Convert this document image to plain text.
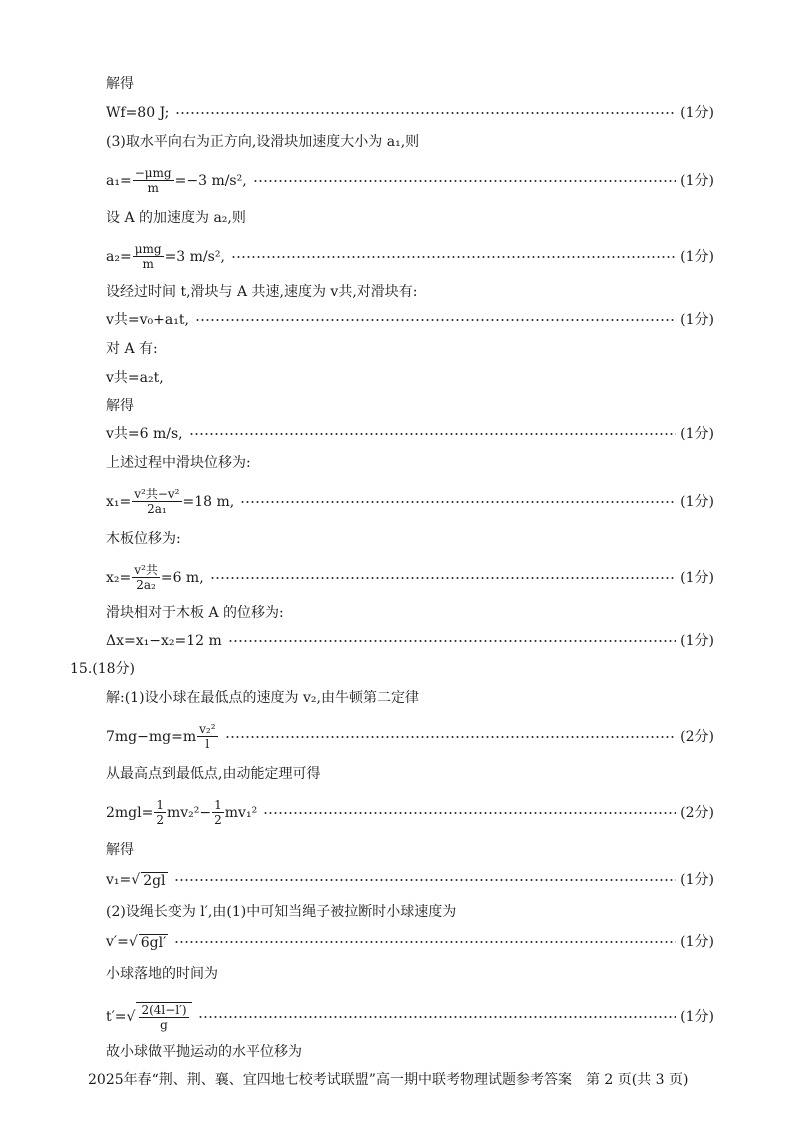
解得
Wf=80 J;	(1分)
(3)取水平向右为正方向,设滑块加速度大小为 a₁,则
$a_1= \frac{\text{−μmg}}{m} =-3$ m/s²,	(1分)
设 A 的加速度为 a₂,则
$a_2= \frac{\text{μmg}}{m} =3$ m/s²,	(1分)
设经过时间 t,滑块与 A 共速,速度为 v共,对滑块有:
v共=v₀+a₁t,	(1分)
对 A 有:
v共=a₂t,
解得
v共=6 m/s,	(1分)
上述过程中滑块位移为:
$x_1= \frac{\text{v²共−v²}}{\text{2a₁}} =18$ m,	(1分)
木板位移为:
$x_2= \frac{\text{v²共}}{\text{2a₂}} =6$ m,	(1分)
滑块相对于木板 A 的位移为:
Δx=x₁−x₂=12 m	(1分)
15.(18分)
解:(1)设小球在最低点的速度为 v₂,由牛顿第二定律
$7mg-mg=m \frac{\text{v₂²}}{l}$	(2分)
从最高点到最低点,由动能定理可得
$2mgl= \frac{1}{2} mv_2^2- \frac{1}{2} mv_1^2$	(2分)
解得
v₁= √ 2gl	(1分)
(2)设绳长变为 l′,由(1)中可知当绳子被拉断时小球速度为
v′= √ 6gl′	(1分)
小球落地的时间为
t′= √ $\frac{2(4l-l')}{g}$	(1分)
故小球做平抛运动的水平位移为
2025年春“荆、荆、襄、宜四地七校考试联盟”高一期中联考物理试题参考答案　第 2 页(共 3 页)
